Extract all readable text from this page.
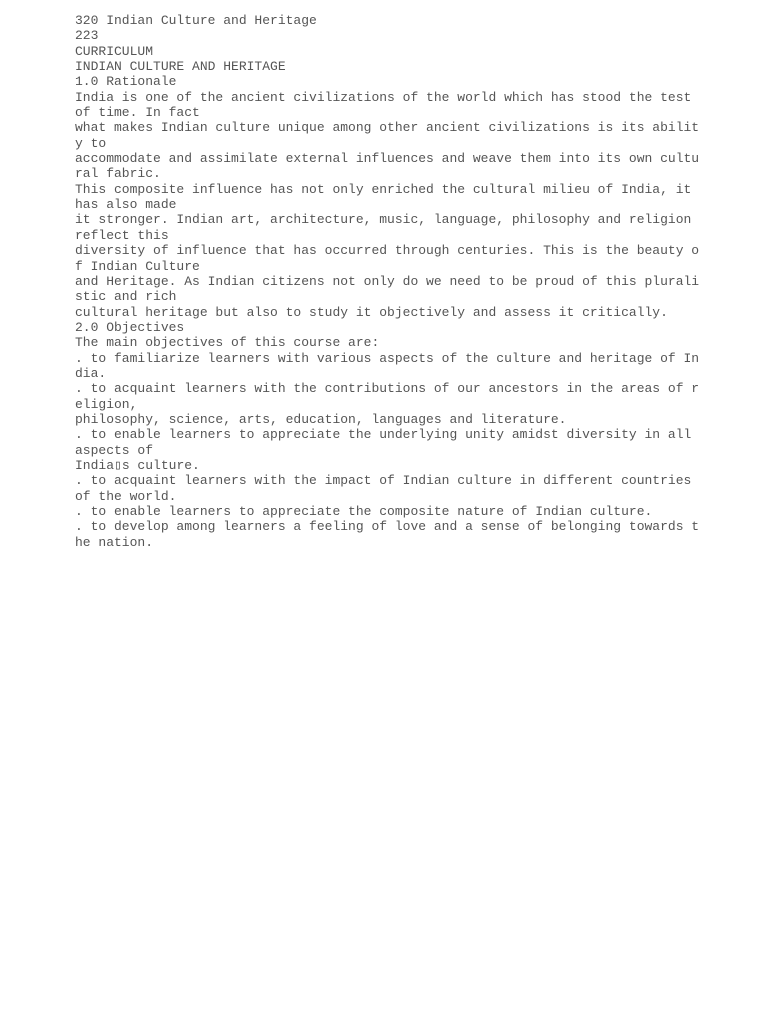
320 Indian Culture and Heritage
223
CURRICULUM
INDIAN CULTURE AND HERITAGE
1.0 Rationale
India is one of the ancient civilizations of the world which has stood the test
of time. In fact
what makes Indian culture unique among other ancient civilizations is its abilit
y to
accommodate and assimilate external influences and weave them into its own cultu
ral fabric.
This composite influence has not only enriched the cultural milieu of India, it
has also made
it stronger. Indian art, architecture, music, language, philosophy and religion
reflect this
diversity of influence that has occurred through centuries. This is the beauty o
f Indian Culture
and Heritage. As Indian citizens not only do we need to be proud of this plurali
stic and rich
cultural heritage but also to study it objectively and assess it critically.
2.0 Objectives
The main objectives of this course are:
. to familiarize learners with various aspects of the culture and heritage of In
dia.
. to acquaint learners with the contributions of our ancestors in the areas of r
eligion,
philosophy, science, arts, education, languages and literature.
. to enable learners to appreciate the underlying unity amidst diversity in all
aspects of
India▯s culture.
. to acquaint learners with the impact of Indian culture in different countries
of the world.
. to enable learners to appreciate the composite nature of Indian culture.
. to develop among learners a feeling of love and a sense of belonging towards t
he nation.
